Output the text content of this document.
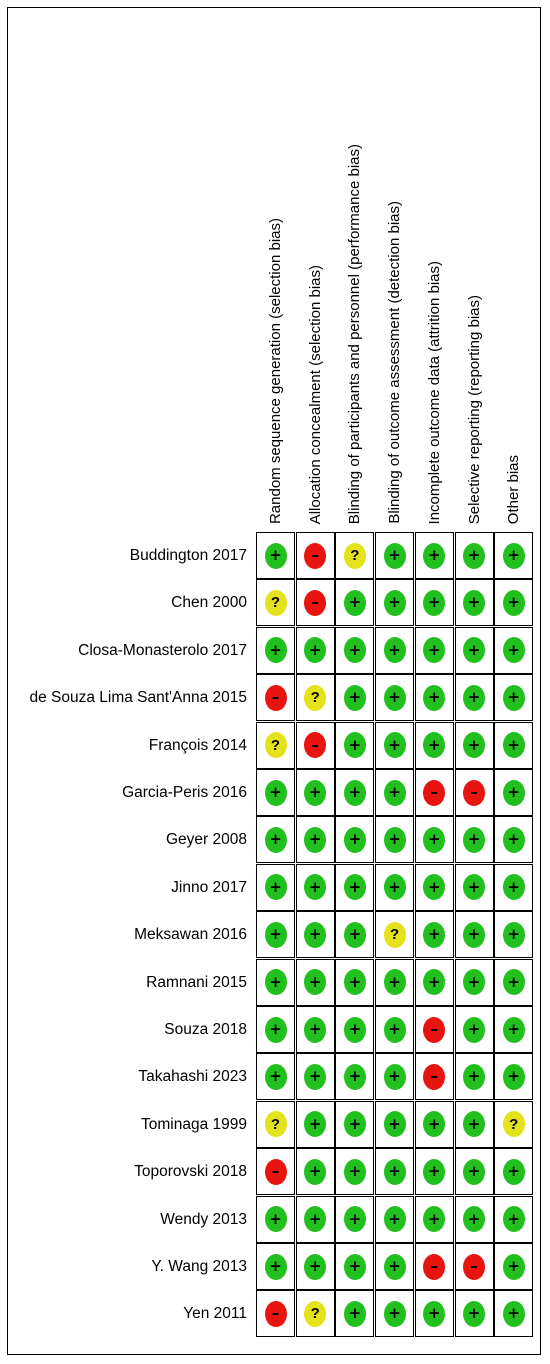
Random sequence generation (selection bias) Allocation concealment (selection bias) Blinding of participants and personnel (performance bias) Blinding of outcome assessment (detection bias) Incomplete outcome data (attrition bias) Selective reporting (reporting bias) Other bias
Buddington 2017	+	–	?	+	+	+	+
Chen 2000	?	–	+	+	+	+	+
Closa-Monasterolo 2017	+	+	+	+	+	+	+
de Souza Lima Sant'Anna 2015	–	?	+	+	+	+	+
François 2014	?	–	+	+	+	+	+
Garcia-Peris 2016	+	+	+	+	–	–	+
Geyer 2008	+	+	+	+	+	+	+
Jinno 2017	+	+	+	+	+	+	+
Meksawan 2016	+	+	+	?	+	+	+
Ramnani 2015	+	+	+	+	+	+	+
Souza 2018	+	+	+	+	–	+	+
Takahashi 2023	+	+	+	+	–	+	+
Tominaga 1999	?	+	+	+	+	+	?
Toporovski 2018	–	+	+	+	+	+	+
Wendy 2013	+	+	+	+	+	+	+
Y. Wang 2013	+	+	+	+	–	–	+
Yen 2011	–	?	+	+	+	+	+
